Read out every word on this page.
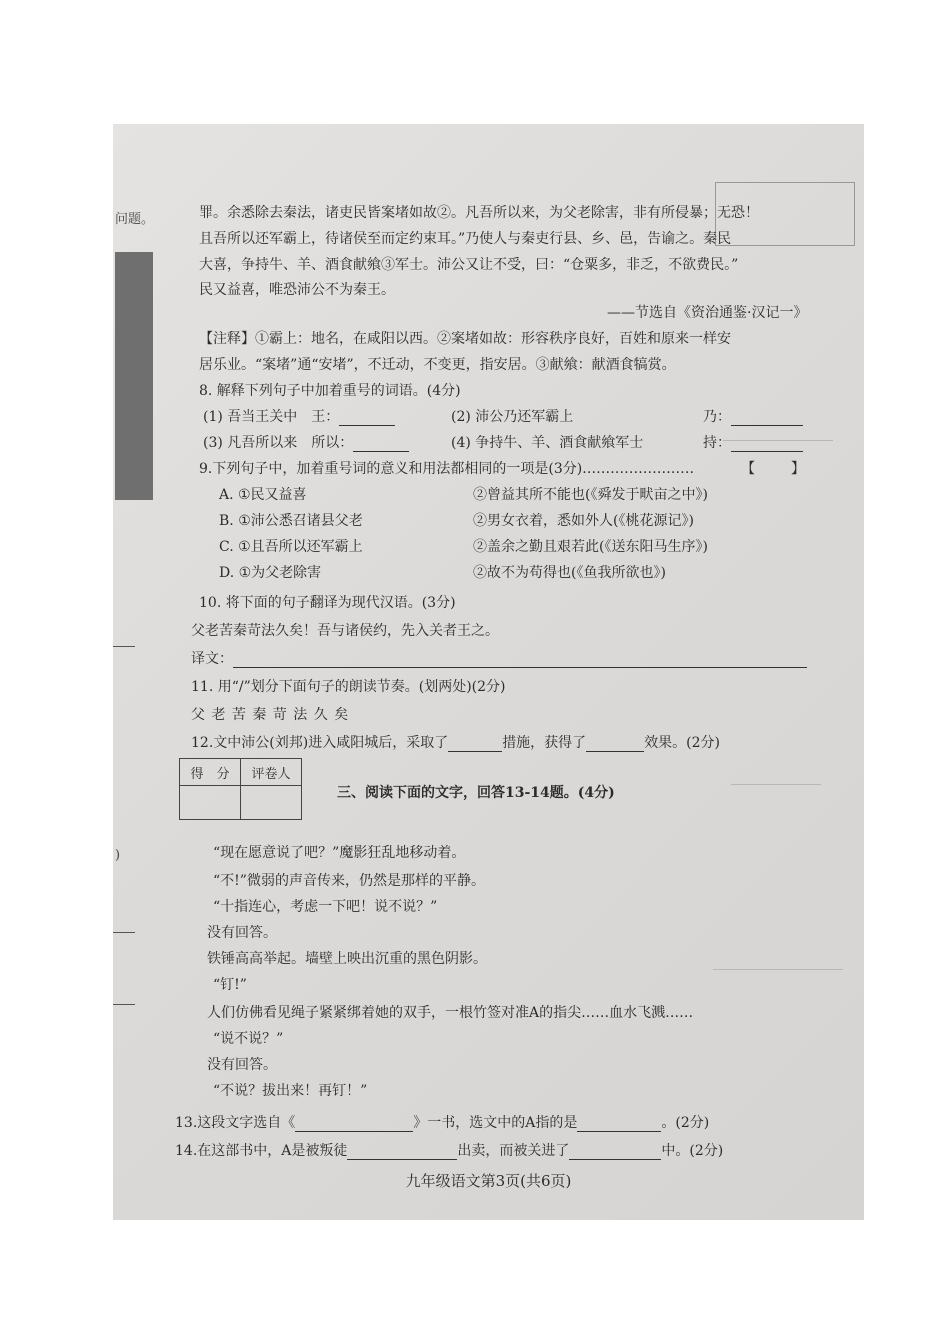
问题。
)
罪。余悉除去秦法，诸吏民皆案堵如故②。凡吾所以来，为父老除害，非有所侵暴；无恐！
且吾所以还军霸上，待诸侯至而定约束耳。”乃使人与秦吏行县、乡、邑，告谕之。秦民
大喜，争持牛、羊、酒食献飨③军士。沛公又让不受，曰：“仓粟多，非乏，不欲费民。”
民又益喜，唯恐沛公不为秦王。
——节选自《资治通鉴·汉记一》
【注释】①霸上：地名，在咸阳以西。②案堵如故：形容秩序良好，百姓和原来一样安
居乐业。“案堵”通“安堵”，不迁动，不变更，指安居。③献飨：献酒食犒赏。
8. 解释下列句子中加着重号的词语。(4分)
(1) 吾当王关中　王：	(2) 沛公乃还军霸上	乃：
(3) 凡吾所以来　所以：	(4) 争持牛、羊、酒食献飨军士	持：
9.下列句子中，加着重号词的意义和用法都相同的一项是(3分)……………………	【	】
A. ①民又益喜	②曾益其所不能也(《舜发于畎亩之中》)
B. ①沛公悉召诸县父老	②男女衣着，悉如外人(《桃花源记》)
C. ①且吾所以还军霸上	②盖余之勤且艰若此(《送东阳马生序》)
D. ①为父老除害	②故不为苟得也(《鱼我所欲也》)
10. 将下面的句子翻译为现代汉语。(3分)
父老苦秦苛法久矣！吾与诸侯约，先入关者王之。
译文：
11. 用“/”划分下面句子的朗读节奏。(划两处)(2分)
父 老 苦 秦 苛 法 久 矣
12.文中沛公(刘邦)进入咸阳城后，采取了	措施，获得了	效果。(2分)
得　分	评卷人

三、阅读下面的文字，回答13-14题。(4分)
“现在愿意说了吧？”魔影狂乱地移动着。
“不!”微弱的声音传来，仍然是那样的平静。
“十指连心，考虑一下吧！说不说？”
没有回答。
铁锤高高举起。墙壁上映出沉重的黑色阴影。
“钉!”
人们仿佛看见绳子紧紧绑着她的双手，一根竹签对准A的指尖……血水飞溅……
“说不说？”
没有回答。
“不说？拔出来！再钉！”
13.这段文字选自《	》一书，选文中的A指的是	。(2分)
14.在这部书中，A是被叛徒	出卖，而被关进了	中。(2分)
九年级语文第3页(共6页)
